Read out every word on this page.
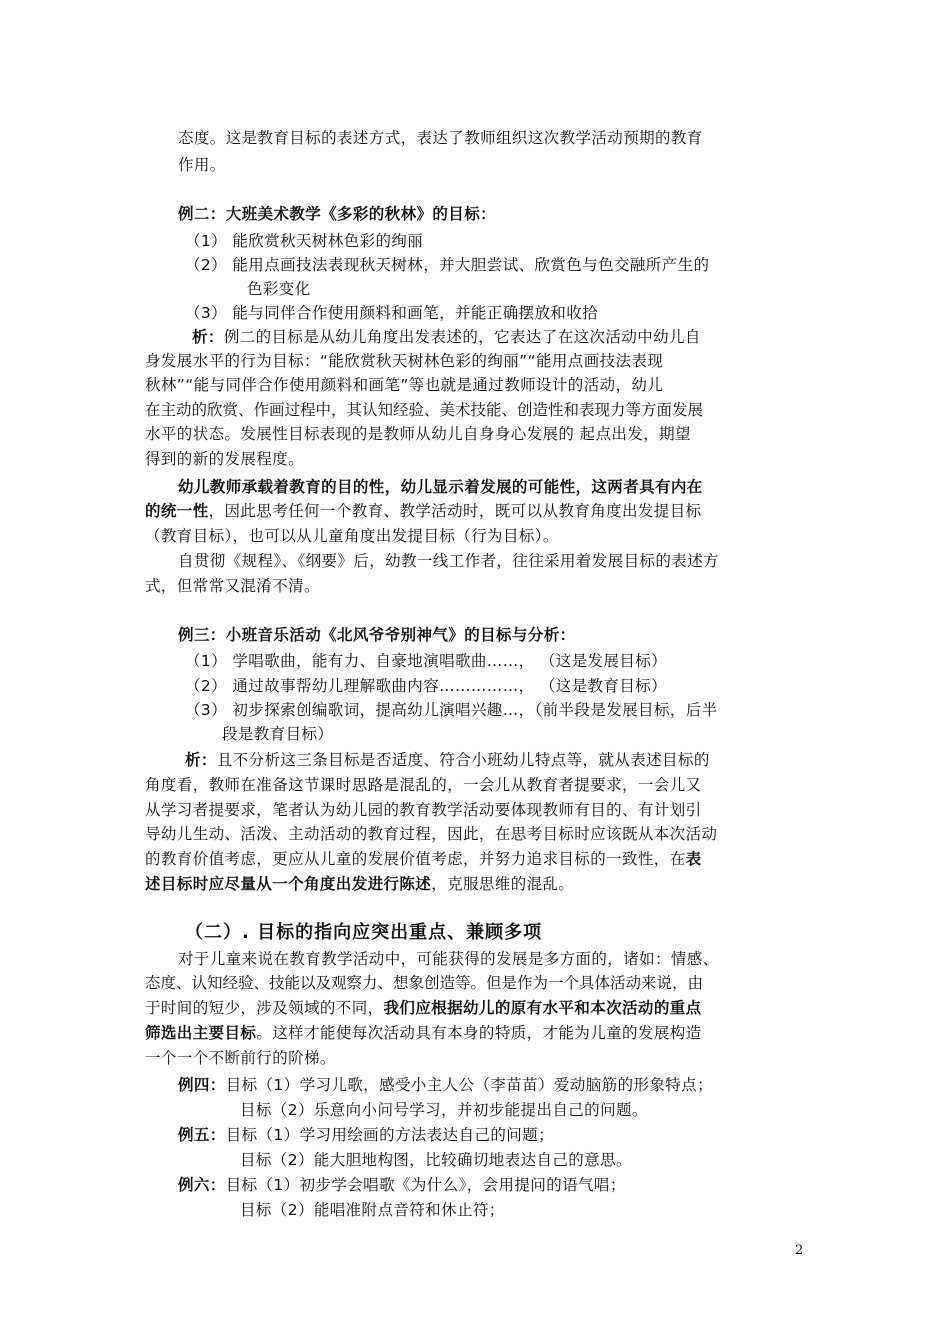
态度。这是教育目标的表述方式，表达了教师组织这次教学活动预期的教育
作用。
例二：大班美术教学《多彩的秋林》的目标：
（1） 能欣赏秋天树林色彩的绚丽
（2） 能用点画技法表现秋天树林，并大胆尝试、欣赏色与色交融所产生的
色彩变化
（3） 能与同伴合作使用颜料和画笔，并能正确摆放和收拾
析：例二的目标是从幼儿角度出发表述的，它表达了在这次活动中幼儿自
身发展水平的行为目标：“能欣赏秋天树林色彩的绚丽”“能用点画技法表现
秋林”“能与同伴合作使用颜料和画笔”等也就是通过教师设计的活动，幼儿
在主动的欣赏、作画过程中，其认知经验、美术技能、创造性和表现力等方面发展
水平的状态。发展性目标表现的是教师从幼儿自身身心发展的 起点出发，期望
得到的新的发展程度。
幼儿教师承载着教育的目的性，幼儿显示着发展的可能性，这两者具有内在
的统一性，因此思考任何一个教育、教学活动时，既可以从教育角度出发提目标
（教育目标），也可以从儿童角度出发提目标（行为目标）。
自贯彻《规程》、《纲要》后，幼教一线工作者，往往采用着发展目标的表述方
式，但常常又混淆不清。
例三：小班音乐活动《北风爷爷别神气》的目标与分析：
（1） 学唱歌曲，能有力、自豪地演唱歌曲……， （这是发展目标）
（2） 通过故事帮幼儿理解歌曲内容……………， （这是教育目标）
（3） 初步探索创编歌词，提高幼儿演唱兴趣…，（前半段是发展目标，后半
段是教育目标）
析：且不分析这三条目标是否适度、符合小班幼儿特点等，就从表述目标的
角度看，教师在准备这节课时思路是混乱的，一会儿从教育者提要求，一会儿又
从学习者提要求，笔者认为幼儿园的教育教学活动要体现教师有目的、有计划引
导幼儿生动、活泼、主动活动的教育过程，因此，在思考目标时应该既从本次活动
的教育价值考虑，更应从儿童的发展价值考虑，并努力追求目标的一致性，在表
述目标时应尽量从一个角度出发进行陈述，克服思维的混乱。
（二）. 目标的指向应突出重点、兼顾多项
对于儿童来说在教育教学活动中，可能获得的发展是多方面的，诸如：情感、
态度、认知经验、技能以及观察力、想象创造等。但是作为一个具体活动来说，由
于时间的短少，涉及领域的不同，我们应根据幼儿的原有水平和本次活动的重点
筛选出主要目标。这样才能使每次活动具有本身的特质，才能为儿童的发展构造
一个一个不断前行的阶梯。
例四：目标（1）学习儿歌，感受小主人公（李苗苗）爱动脑筋的形象特点；
目标（2）乐意向小问号学习，并初步能提出自己的问题。
例五：目标（1）学习用绘画的方法表达自己的问题；
目标（2）能大胆地构图，比较确切地表达自己的意思。
例六：目标（1）初步学会唱歌《为什么》，会用提问的语气唱；
目标（2）能唱准附点音符和休止符；
2
